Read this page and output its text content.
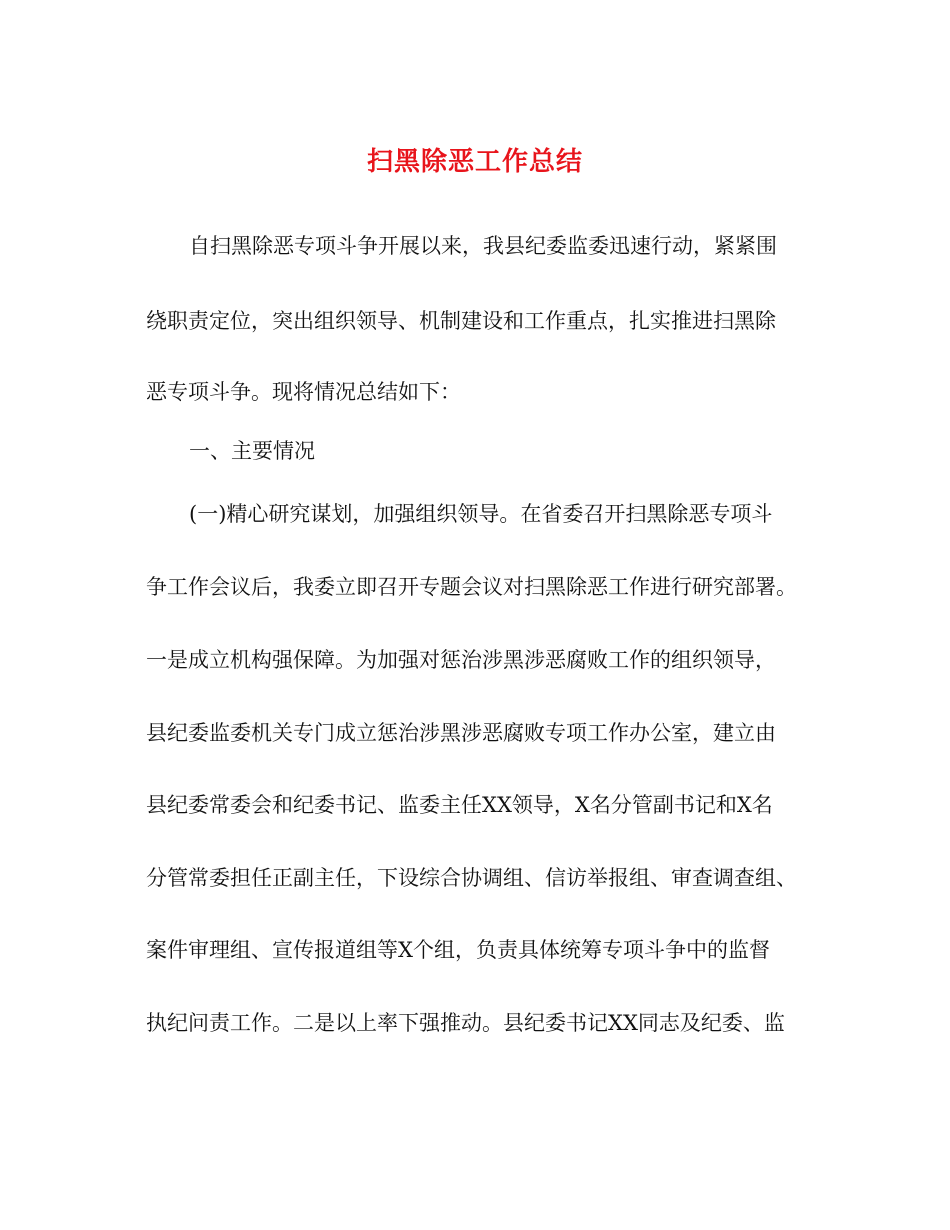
扫黑除恶工作总结
自扫黑除恶专项斗争开展以来，我县纪委监委迅速行动，紧紧围
绕职责定位，突出组织领导、机制建设和工作重点，扎实推进扫黑除
恶专项斗争。现将情况总结如下：
一、主要情况
(一)精心研究谋划，加强组织领导。在省委召开扫黑除恶专项斗
争工作会议后，我委立即召开专题会议对扫黑除恶工作进行研究部署。
一是成立机构强保障。为加强对惩治涉黑涉恶腐败工作的组织领导，
县纪委监委机关专门成立惩治涉黑涉恶腐败专项工作办公室，建立由
县纪委常委会和纪委书记、监委主任XX领导，X名分管副书记和X名
分管常委担任正副主任，下设综合协调组、信访举报组、审查调查组、
案件审理组、宣传报道组等X个组，负责具体统筹专项斗争中的监督
执纪问责工作。二是以上率下强推动。县纪委书记XX同志及纪委、监
